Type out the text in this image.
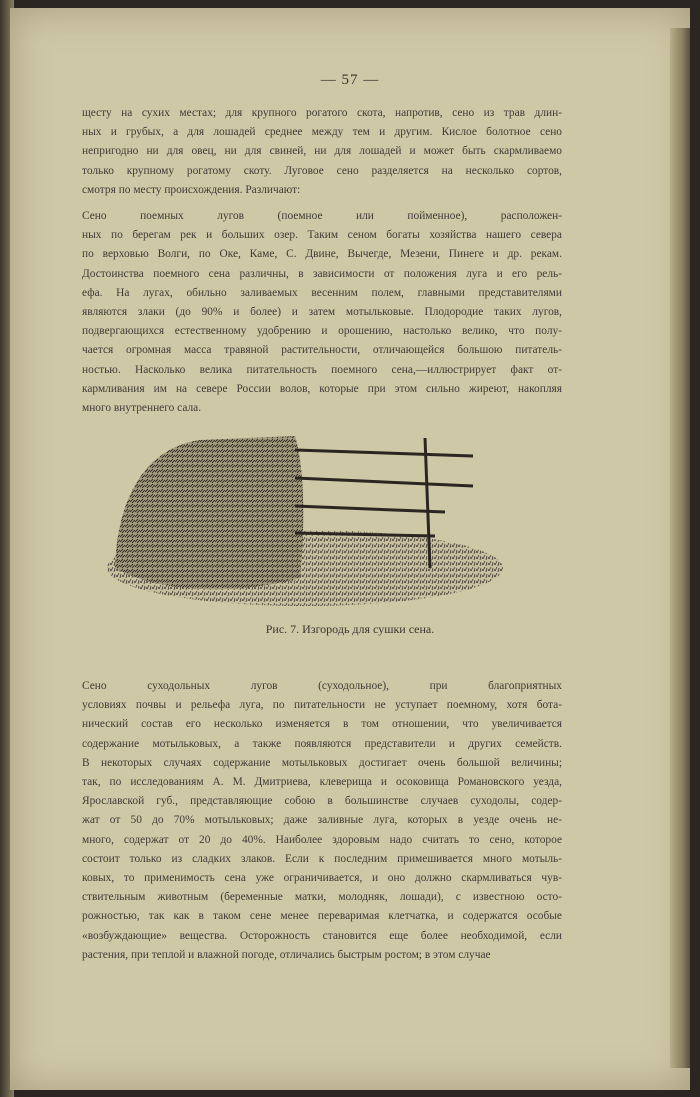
— 57 —
щесту на сухих местах; для крупного рогатого скота, напротив, сено из трав длин-
ных и грубых, а для лошадей среднее между тем и другим. Кислое болотное сено
непригодно ни для овец, ни для свиней, ни для лошадей и может быть скармливаемо
только крупному рогатому скоту. Луговое сено разделяется на несколько сортов,
смотря по месту происхождения. Различают:
Сено поемных лугов (поемное или пойменное), расположен-
ных по берегам рек и больших озер. Таким сеном богаты хозяйства нашего севера
по верховью Волги, по Оке, Каме, С. Двине, Вычегде, Мезени, Пинеге и др. рекам.
Достоинства поемного сена различны, в зависимости от положения луга и его рель-
ефа. На лугах, обильно заливаемых весенним полем, главными представителями
являются злаки (до 90% и более) и затем мотыльковые. Плодородие таких лугов,
подвергающихся естественному удобрению и орошению, настолько велико, что полу-
чается огромная масса травяной растительности, отличающейся большою питатель-
ностью. Насколько велика питательность поемного сена,—иллюстрирует факт от-
кармливания им на севере России волов, которые при этом сильно жиреют, накопляя
много внутреннего сала.
Рис. 7. Изгородь для сушки сена.
Сено суходольных лугов (суходольное), при благоприятных
условиях почвы и рельефа луга, по питательности не уступает поемному, хотя бота-
нический состав его несколько изменяется в том отношении, что увеличивается
содержание мотыльковых, а также появляются представители и других семейств.
В некоторых случаях содержание мотыльковых достигает очень большой величины;
так, по исследованиям А. М. Дмитриева, клеверища и осоковища Романовского уезда,
Ярославской губ., представляющие собою в большинстве случаев суходолы, содер-
жат от 50 до 70% мотыльковых; даже заливные луга, которых в уезде очень не-
много, содержат от 20 до 40%. Наиболее здоровым надо считать то сено, которое
состоит только из сладких злаков. Если к последним примешивается много мотыль-
ковых, то применимость сена уже ограничивается, и оно должно скармливаться чув-
ствительным животным (беременные матки, молодняк, лошади), с известною осто-
рожностью, так как в таком сене менее переваримая клетчатка, и содержатся особые
«возбуждающие» вещества. Осторожность становится еще более необходимой, если
растения, при теплой и влажной погоде, отличались быстрым ростом; в этом случае
